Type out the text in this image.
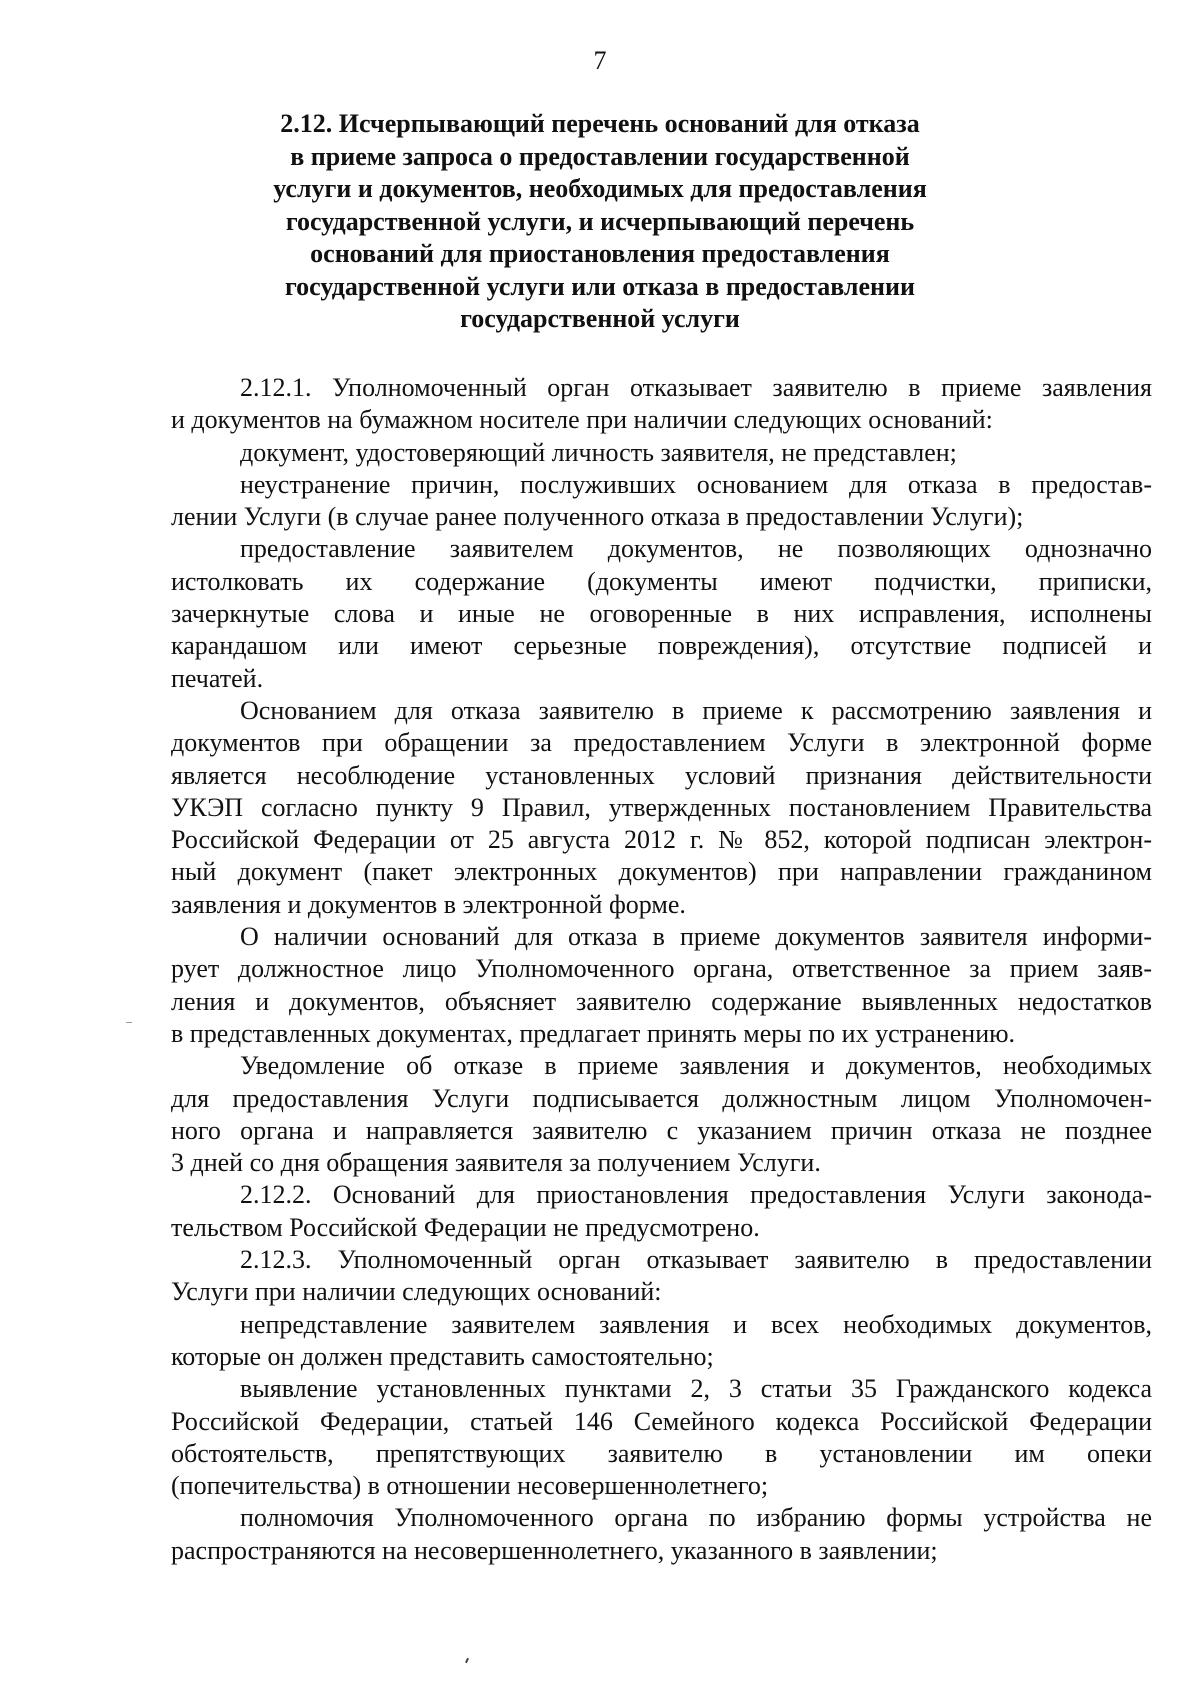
7
2.12. Исчерпывающий перечень оснований для отказа
в приеме запроса о предоставлении государственной
услуги и документов, необходимых для предоставления
государственной услуги, и исчерпывающий перечень
оснований для приостановления предоставления
государственной услуги или отказа в предоставлении
государственной услуги

2.12.1. Уполномоченный орган отказывает заявителю в приеме заявления
и документов на бумажном носителе при наличии следующих оснований:

документ, удостоверяющий личность заявителя, не представлен;

неустранение причин, послуживших основанием для отказа в предостав-
лении Услуги (в случае ранее полученного отказа в предоставлении Услуги);

предоставление заявителем документов, не позволяющих однозначно
истолковать их содержание (документы имеют подчистки, приписки,
зачеркнутые слова и иные не оговоренные в них исправления, исполнены
карандашом или имеют серьезные повреждения), отсутствие подписей и
печатей.

Основанием для отказа заявителю в приеме к рассмотрению заявления и
документов при обращении за предоставлением Услуги в электронной форме
является несоблюдение установленных условий признания действительности
УКЭП согласно пункту 9 Правил, утвержденных постановлением Правительства
Российской Федерации от 25 августа 2012 г. № 852, которой подписан электрон-
ный документ (пакет электронных документов) при направлении гражданином
заявления и документов в электронной форме.

О наличии оснований для отказа в приеме документов заявителя информи-
рует должностное лицо Уполномоченного органа, ответственное за прием заяв-
ления и документов, объясняет заявителю содержание выявленных недостатков
в представленных документах, предлагает принять меры по их устранению.

Уведомление об отказе в приеме заявления и документов, необходимых
для предоставления Услуги подписывается должностным лицом Уполномочен-
ного органа и направляется заявителю с указанием причин отказа не позднее
3 дней со дня обращения заявителя за получением Услуги.

2.12.2. Оснований для приостановления предоставления Услуги законода-
тельством Российской Федерации не предусмотрено.

2.12.3. Уполномоченный орган отказывает заявителю в предоставлении
Услуги при наличии следующих оснований:

непредставление заявителем заявления и всех необходимых документов,
которые он должен представить самостоятельно;

выявление установленных пунктами 2, 3 статьи 35 Гражданского кодекса
Российской Федерации, статьей 146 Семейного кодекса Российской Федерации
обстоятельств, препятствующих заявителю в установлении им опеки
(попечительства) в отношении несовершеннолетнего;

полномочия Уполномоченного органа по избранию формы устройства не
распространяются на несовершеннолетнего, указанного в заявлении;
